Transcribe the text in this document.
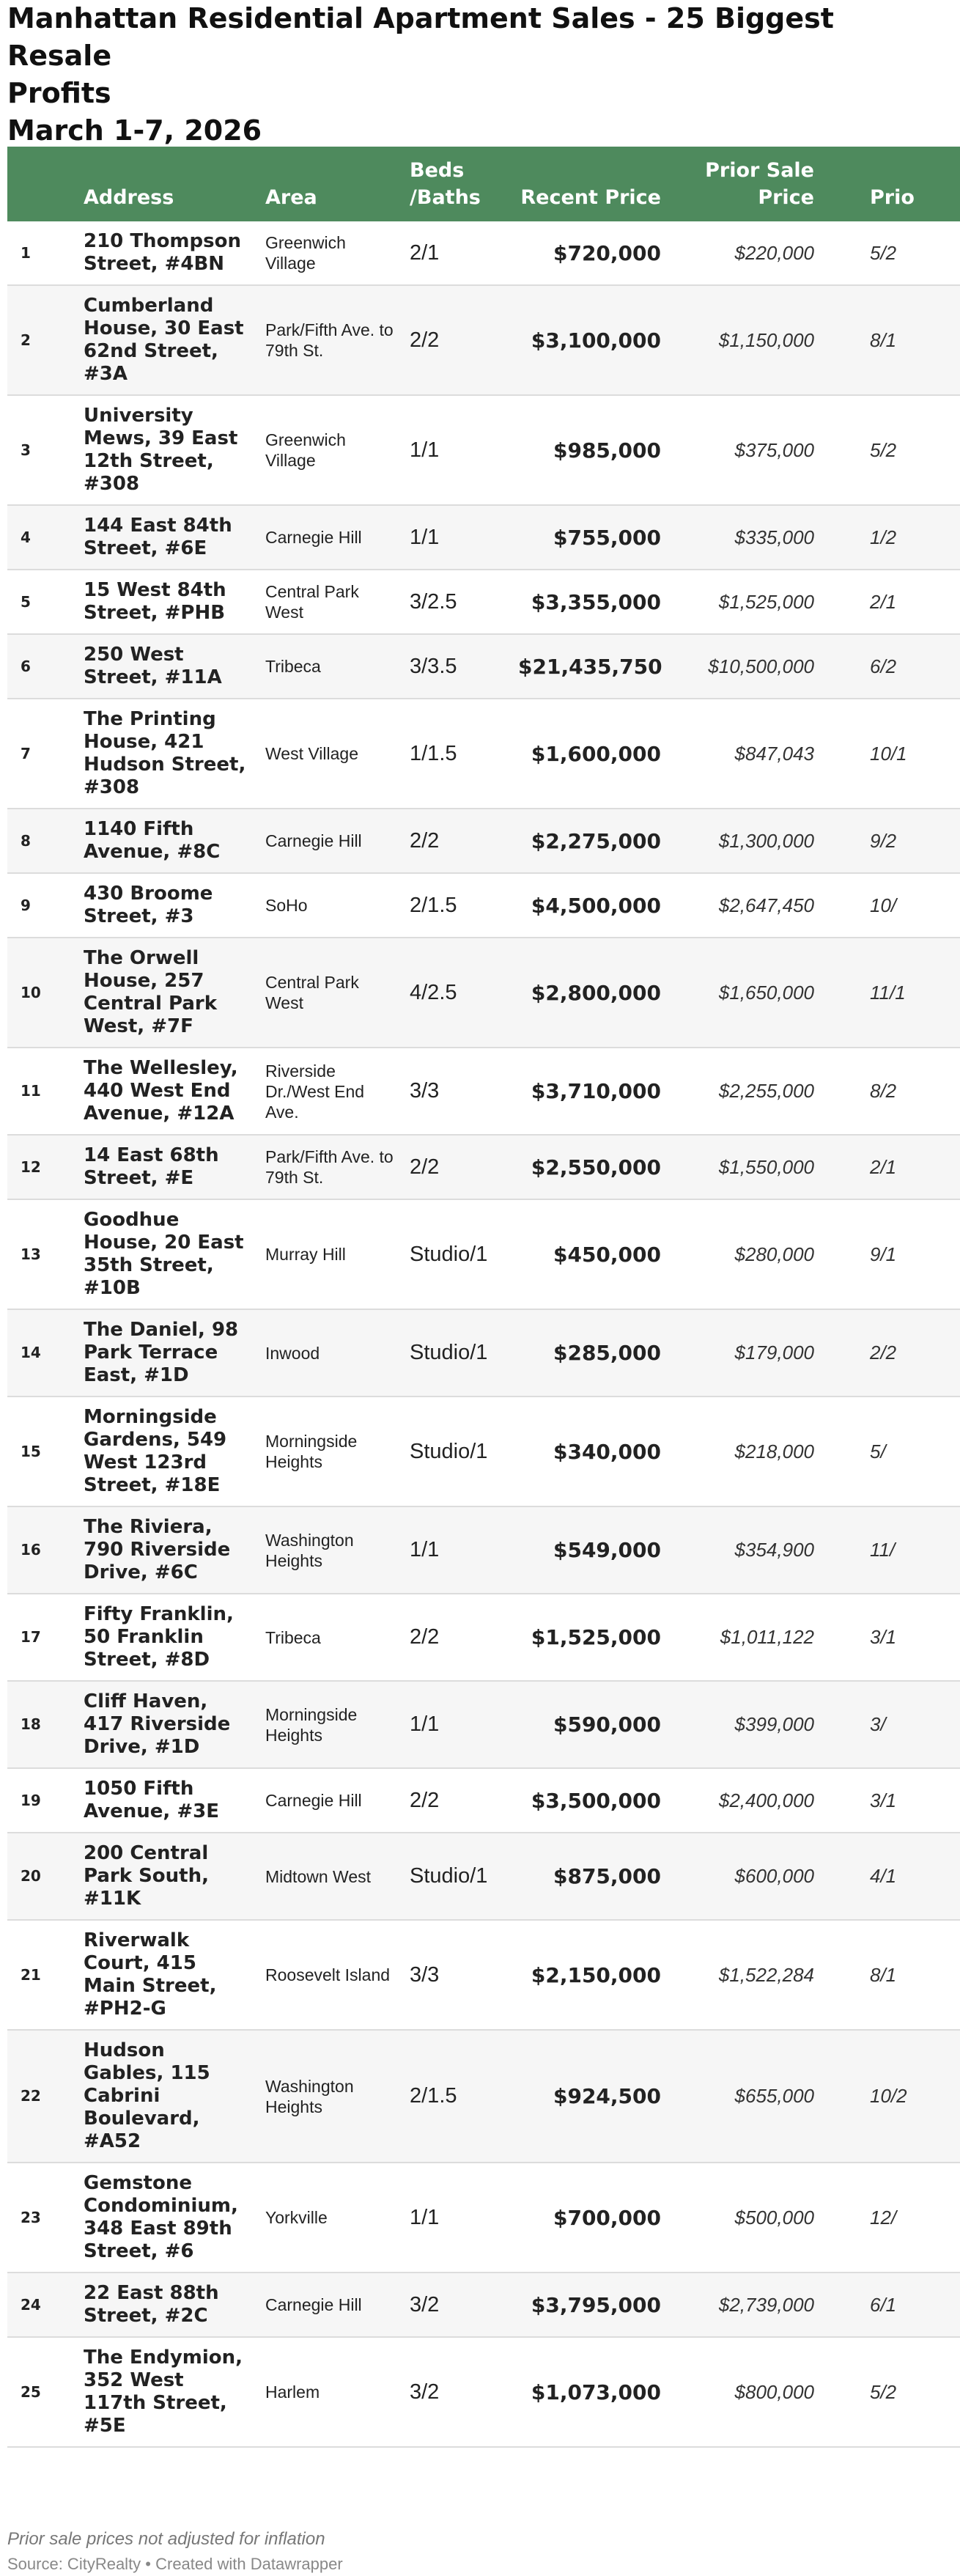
Manhattan Residential Apartment Sales - 25 Biggest Resale
Profits
March 1-7, 2026
	Address	Area	Beds /Baths	Recent Price	Prior Sale Price	Prio
1	210 Thompson Street, #4BN	Greenwich Village	2/1	$720,000	$220,000	5/2
2	Cumberland House, 30 East 62nd Street, #3A	Park/Fifth Ave. to 79th St.	2/2	$3,100,000	$1,150,000	8/1
3	University Mews, 39 East 12th Street, #308	Greenwich Village	1/1	$985,000	$375,000	5/2
4	144 East 84th Street, #6E	Carnegie Hill	1/1	$755,000	$335,000	1/2
5	15 West 84th Street, #PHB	Central Park West	3/2.5	$3,355,000	$1,525,000	2/1
6	250 West Street, #11A	Tribeca	3/3.5	$21,435,750	$10,500,000	6/2
7	The Printing House, 421 Hudson Street, #308	West Village	1/1.5	$1,600,000	$847,043	10/1
8	1140 Fifth Avenue, #8C	Carnegie Hill	2/2	$2,275,000	$1,300,000	9/2
9	430 Broome Street, #3	SoHo	2/1.5	$4,500,000	$2,647,450	10/
10	The Orwell House, 257 Central Park West, #7F	Central Park West	4/2.5	$2,800,000	$1,650,000	11/1
11	The Wellesley, 440 West End Avenue, #12A	Riverside Dr./West End Ave.	3/3	$3,710,000	$2,255,000	8/2
12	14 East 68th Street, #E	Park/Fifth Ave. to 79th St.	2/2	$2,550,000	$1,550,000	2/1
13	Goodhue House, 20 East 35th Street, #10B	Murray Hill	Studio/1	$450,000	$280,000	9/1
14	The Daniel, 98 Park Terrace East, #1D	Inwood	Studio/1	$285,000	$179,000	2/2
15	Morningside Gardens, 549 West 123rd Street, #18E	Morningside Heights	Studio/1	$340,000	$218,000	5/
16	The Riviera, 790 Riverside Drive, #6C	Washington Heights	1/1	$549,000	$354,900	11/
17	Fifty Franklin, 50 Franklin Street, #8D	Tribeca	2/2	$1,525,000	$1,011,122	3/1
18	Cliff Haven, 417 Riverside Drive, #1D	Morningside Heights	1/1	$590,000	$399,000	3/
19	1050 Fifth Avenue, #3E	Carnegie Hill	2/2	$3,500,000	$2,400,000	3/1
20	200 Central Park South, #11K	Midtown West	Studio/1	$875,000	$600,000	4/1
21	Riverwalk Court, 415 Main Street, #PH2-G	Roosevelt Island	3/3	$2,150,000	$1,522,284	8/1
22	Hudson Gables, 115 Cabrini Boulevard, #A52	Washington Heights	2/1.5	$924,500	$655,000	10/2
23	Gemstone Condominium, 348 East 89th Street, #6	Yorkville	1/1	$700,000	$500,000	12/
24	22 East 88th Street, #2C	Carnegie Hill	3/2	$3,795,000	$2,739,000	6/1
25	The Endymion, 352 West 117th Street, #5E	Harlem	3/2	$1,073,000	$800,000	5/2

Prior sale prices not adjusted for inflation

Source: CityRealty • Created with Datawrapper
